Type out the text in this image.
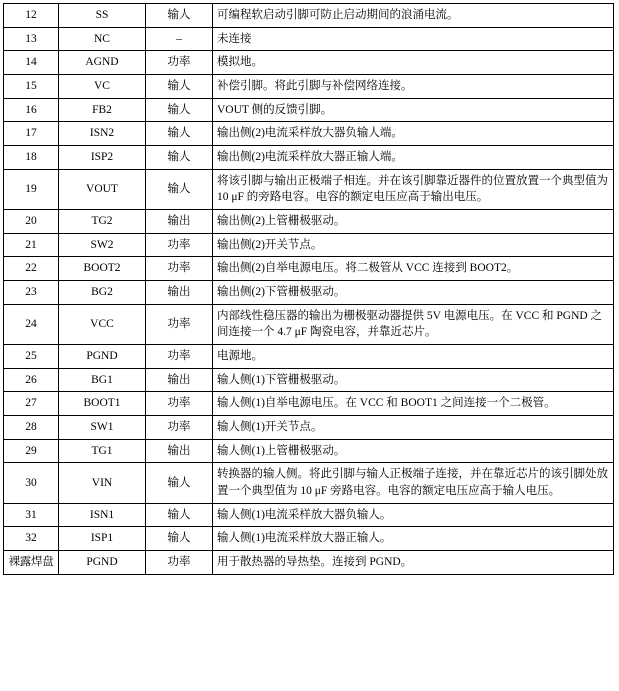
12	SS	输人	可编程软启动引脚可防止启动期间的浪涌电流。
13	NC	–	未连接
14	AGND	功率	模拟地。
15	VC	输人	补偿引脚。将此引脚与补偿网络连接。
16	FB2	输人	VOUT 侧的反馈引脚。
17	ISN2	输人	输出侧(2)电流采样放大器负输人端。
18	ISP2	输人	输出侧(2)电流采样放大器正输人端。
19	VOUT	输人	将该引脚与输出正极端子相连。并在该引脚靠近器件的位置放置一个典型值为 10 μF 的旁路电容。电容的额定电压应高于输出电压。
20	TG2	输出	输出侧(2)上管栅极驱动。
21	SW2	功率	输出侧(2)开关节点。
22	BOOT2	功率	输出侧(2)自举电源电压。将二极管从 VCC 连接到 BOOT2。
23	BG2	输出	输出侧(2)下管栅极驱动。
24	VCC	功率	内部线性稳压器的输出为栅极驱动器提供 5V 电源电压。在 VCC 和 PGND 之间连接一个 4.7 μF 陶瓷电容，并靠近芯片。
25	PGND	功率	电源地。
26	BG1	输出	输人侧(1)下管栅极驱动。
27	BOOT1	功率	输人侧(1)自举电源电压。在 VCC 和 BOOT1 之间连接一个二极管。
28	SW1	功率	输人侧(1)开关节点。
29	TG1	输出	输人侧(1)上管栅极驱动。
30	VIN	输人	转换器的输人侧。将此引脚与输人正极端子连接，并在靠近芯片的该引脚处放置一个典型值为 10 μF 旁路电容。电容的额定电压应高于输人电压。
31	ISN1	输人	输人侧(1)电流采样放大器负输人。
32	ISP1	输人	输人侧(1)电流采样放大器正输人。
裸露焊盘	PGND	功率	用于散热器的导热垫。连接到 PGND。
